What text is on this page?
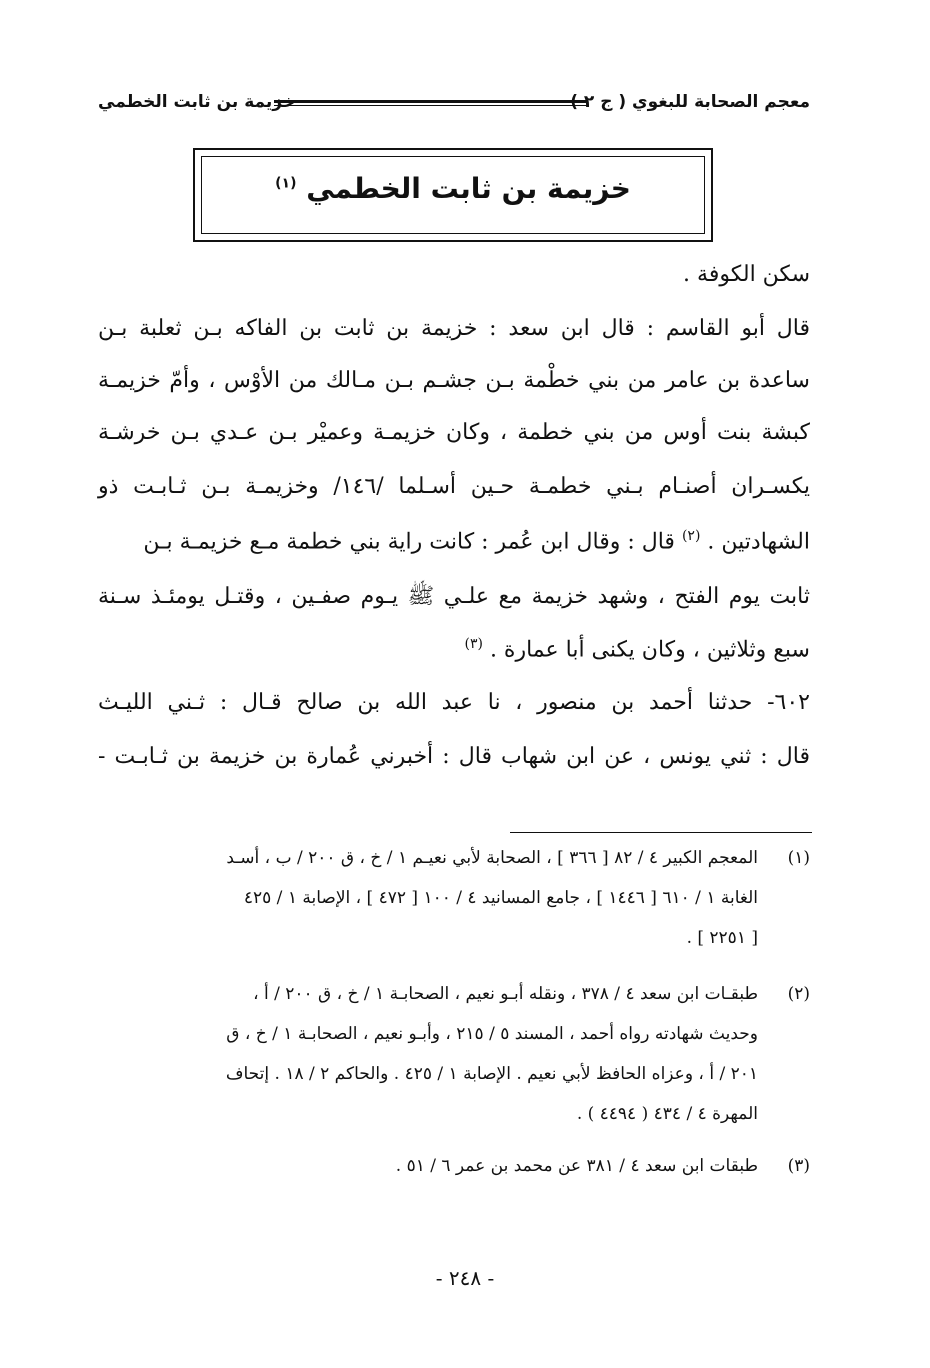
معجم الصحابة للبغوي ( ج ٢ )
خزيمة بن ثابت الخطمي
خزيمة بن ثابت الخطمي $^{(١)}$
سكن الكوفة .
قال أبو القاسم : قال ابن سعد : خزيمة بن ثابت بن الفاكه بـن ثعلبة بـن
ساعدة بن عامر من بني خطْمة بـن جشـم بـن مـالك من الأوْس ، وأمّ خزيمـة
كبشة بنت أوس من بني خطمة ، وكان خزيمـة وعميْر بـن عـدي بـن خرشـة
يكسـران أصنـام بـني خطمـة حـين أسـلما /١٤٦/ وخزيمـة بـن ثـابـت ذو
الشهادتين . $^{(٢)}$ قال : وقال ابن عُمر : كانت راية بني خطمة مـع خزيمـة بـن
ثابت يوم الفتح ، وشهد خزيمة مع علـي ﷺ يـوم صفـين ، وقتـل يومئـذ سـنة
سبع وثلاثين ، وكان يكنى أبا عمارة . $^{(٣)}$
٦٠٢- حدثنا أحمد بن منصور ، نا عبد الله بن صالح قـال : ثـني الليـث
قال : ثني يونس ، عن ابن شهاب قال : أخبرني عُمارة بن خزيمة بن ثـابـت -
(١)
المعجم الكبير ٤ / ٨٢ [ ٣٦٦ ] ، الصحابة لأبي نعيـم ١ / خ ، ق ٢٠٠ / ب ، أسـد
الغابة ١ / ٦١٠ [ ١٤٤٦ ] ، جامع المسانيد ٤ / ١٠٠ [ ٤٧٢ ] ، الإصابة ١ / ٤٢٥
[ ٢٢٥١ ] .
(٢)
طبقـات ابن سعد ٤ / ٣٧٨ ، ونقله أبـو نعيم ، الصحابـة ١ / خ ، ق ٢٠٠ / أ ،
وحديث شهادته رواه أحمد ، المسند ٥ / ٢١٥ ، وأبـو نعيم ، الصحابـة ١ / خ ، ق
٢٠١ / أ ، وعزاه الحافظ لأبي نعيم . الإصابة ١ / ٤٢٥ . والحاكم ٢ / ١٨ . إتحاف
المهرة ٤ / ٤٣٤ ( ٤٤٩٤ ) .
(٣)
طبقات ابن سعد ٤ / ٣٨١ عن محمد بن عمر ٦ / ٥١ .
- ٢٤٨ -
